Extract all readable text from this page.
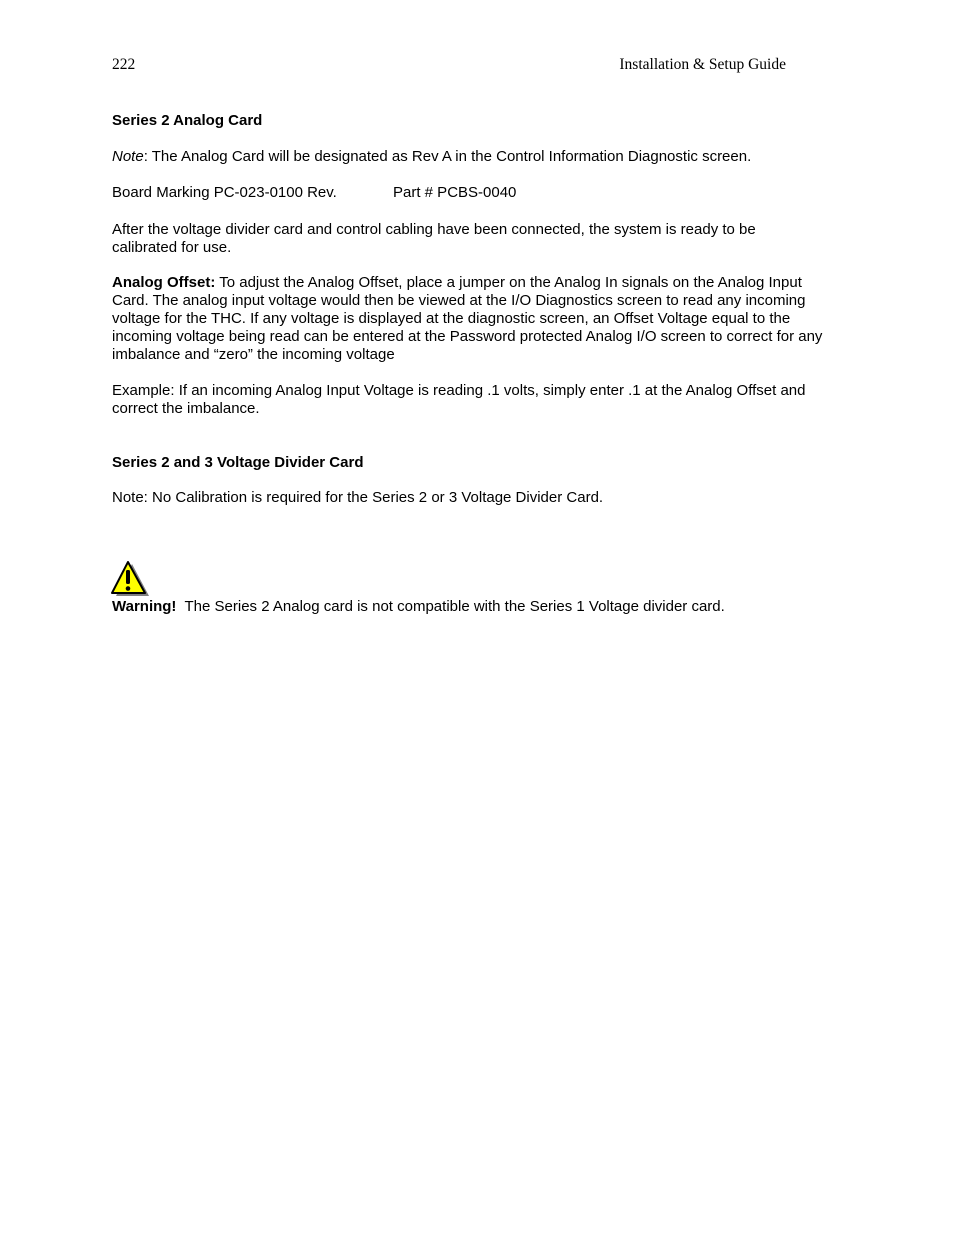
222	Installation & Setup Guide
Series 2 Analog Card
Note: The Analog Card will be designated as Rev A in the Control Information Diagnostic screen.
Board Marking PC-023-0100 Rev.	Part # PCBS-0040
After the voltage divider card and control cabling have been connected, the system is ready to be calibrated for use.
Analog Offset: To adjust the Analog Offset, place a jumper on the Analog In signals on the Analog Input Card. The analog input voltage would then be viewed at the I/O Diagnostics screen to read any incoming voltage for the THC. If any voltage is displayed at the diagnostic screen, an Offset Voltage equal to the incoming voltage being read can be entered at the Password protected Analog I/O screen to correct for any imbalance and “zero” the incoming voltage
Example: If an incoming Analog Input Voltage is reading .1 volts, simply enter .1 at the Analog Offset and correct the imbalance.
Series 2 and 3 Voltage Divider Card
Note: No Calibration is required for the Series 2 or 3 Voltage Divider Card.
Warning!  The Series 2 Analog card is not compatible with the Series 1 Voltage divider card.
